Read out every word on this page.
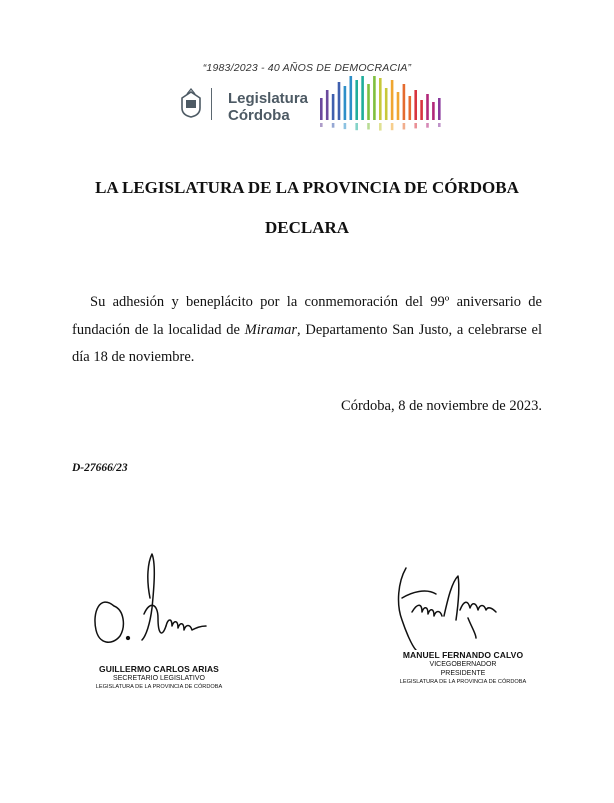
“1983/2023 - 40 AÑOS DE DEMOCRACIA”
Legislatura
Córdoba
LA LEGISLATURA DE LA PROVINCIA DE CÓRDOBA
DECLARA
Su adhesión y beneplácito por la conmemoración del 99º aniversario de fundación de la localidad de Miramar, Departamento San Justo, a celebrarse el día 18 de noviembre.
Córdoba, 8 de noviembre de 2023.
D-27666/23
GUILLERMO CARLOS ARIAS
SECRETARIO LEGISLATIVO
LEGISLATURA DE LA PROVINCIA DE CÓRDOBA
MANUEL FERNANDO CALVO
VICEGOBERNADOR
PRESIDENTE
LEGISLATURA DE LA PROVINCIA DE CÓRDOBA
